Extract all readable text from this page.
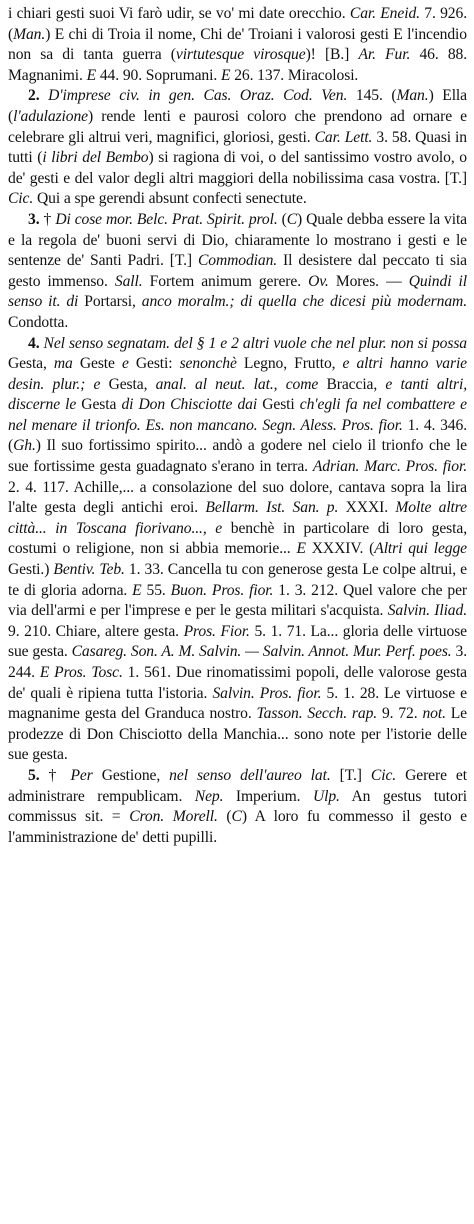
i chiari gesti suoi Vi farò udir, se vo' mi date orecchio. Car. Eneid. 7. 926. (Man.) E chi di Troia il nome, Chi de' Troiani i valorosi gesti E l'incendio non sa di tanta guerra (virtutesque virosque)! [B.] Ar. Fur. 46. 88. Magnanimi. E 44. 90. Soprumani. E 26. 137. Miracolosi.

2. D'imprese civ. in gen. Cas. Oraz. Cod. Ven. 145. (Man.) Ella (l'adulazione) rende lenti e paurosi coloro che prendono ad ornare e celebrare gli altrui veri, magnifici, gloriosi, gesti. Car. Lett. 3. 58. Quasi in tutti (i libri del Bembo) si ragiona di voi, o del santissimo vostro avolo, o de' gesti e del valor degli altri maggiori della nobilissima casa vostra. [T.] Cic. Qui a spe gerendi absunt confecti senectute.

3. † Di cose mor. Belc. Prat. Spirit. prol. (C) Quale debba essere la vita e la regola de' buoni servi di Dio, chiaramente lo mostrano i gesti e le sentenze de' Santi Padri. [T.] Commodian. Il desistere dal peccato ti sia gesto immenso. Sall. Fortem animum gerere. Ov. Mores. — Quindi il senso it. di Portarsi, anco moralm.; di quella che dicesi più modernam. Condotta.

4. Nel senso segnatam. del § 1 e 2 altri vuole che nel plur. non si possa Gesta, ma Geste e Gesti: senonchè Legno, Frutto, e altri hanno varie desin. plur.; e Gesta, anal. al neut. lat., come Braccia, e tanti altri, discerne le Gesta di Don Chisciotte dai Gesti ch'egli fa nel combattere e nel menare il trionfo. Es. non mancano. Segn. Aless. Pros. fior. 1. 4. 346. (Gh.) Il suo fortissimo spirito... andò a godere nel cielo il trionfo che le sue fortissime gesta guadagnato s'erano in terra. Adrian. Marc. Pros. fior. 2. 4. 117. Achille,... a consolazione del suo dolore, cantava sopra la lira l'alte gesta degli antichi eroi. Bellarm. Ist. San. p. XXXI. Molte altre città... in Toscana fiorivano..., e benchè in particolare di loro gesta, costumi o religione, non si abbia memorie... E XXXIV. (Altri qui legge Gesti.) Bentiv. Teb. 1. 33. Cancella tu con generose gesta Le colpe altrui, e te di gloria adorna. E 55. Buon. Pros. fior. 1. 3. 212. Quel valore che per via dell'armi e per l'imprese e per le gesta militari s'acquista. Salvin. Iliad. 9. 210. Chiare, altere gesta. Pros. Fior. 5. 1. 71. La... gloria delle virtuose sue gesta. Casareg. Son. A. M. Salvin. — Salvin. Annot. Mur. Perf. poes. 3. 244. E Pros. Tosc. 1. 561. Due rinomatissimi popoli, delle valorose gesta de' quali è ripiena tutta l'istoria. Salvin. Pros. fior. 5. 1. 28. Le virtuose e magnanime gesta del Granduca nostro. Tasson. Secch. rap. 9. 72. not. Le prodezze di Don Chisciotto della Manchia... sono note per l'istorie delle sue gesta.

5. † Per Gestione, nel senso dell'aureo lat. [T.] Cic. Gerere et administrare rempublicam. Nep. Imperium. Ulp. An gestus tutori commissus sit. = Cron. Morell. (C) A loro fu commesso il gesto e l'amministrazione de' detti pupilli.
